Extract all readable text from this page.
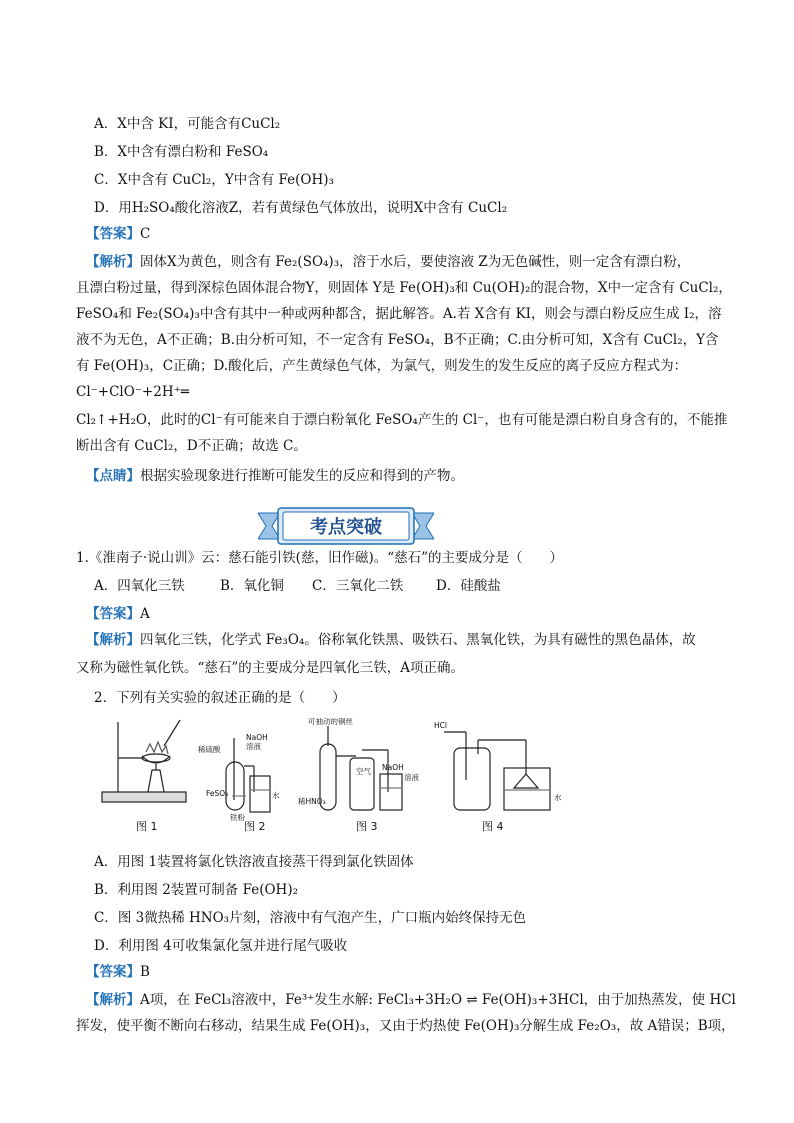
A．X中含 KI，可能含有CuCl₂
B．X中含有漂白粉和 FeSO₄
C．X中含有 CuCl₂，Y中含有 Fe(OH)₃
D．用H₂SO₄酸化溶液Z，若有黄绿色气体放出，说明X中含有 CuCl₂
【答案】C
【解析】固体X为黄色，则含有 Fe₂(SO₄)₃，溶于水后，要使溶液 Z为无色碱性，则一定含有漂白粉，
且漂白粉过量，得到深棕色固体混合物Y，则固体 Y是 Fe(OH)₃和 Cu(OH)₂的混合物，X中一定含有 CuCl₂，
FeSO₄和 Fe₂(SO₄)₃中含有其中一种或两种都含，据此解答。A.若 X含有 KI，则会与漂白粉反应生成 I₂，溶
液不为无色，A不正确；B.由分析可知，不一定含有 FeSO₄，B不正确；C.由分析可知，X含有 CuCl₂，Y含
有 Fe(OH)₃，C正确；D.酸化后，产生黄绿色气体，为氯气，则发生的发生反应的离子反应方程式为：
Cl⁻+ClO⁻+2H⁺═
Cl₂↑+H₂O，此时的Cl⁻有可能来自于漂白粉氧化 FeSO₄产生的 Cl⁻，也有可能是漂白粉自身含有的，不能推
断出含有 CuCl₂，D不正确；故选 C。
【点睛】根据实验现象进行推断可能发生的反应和得到的产物。
考点突破
1.《淮南子·说山训》云：慈石能引铁(慈，旧作磁)。“慈石”的主要成分是（　　）
A．四氧化三铁	B．氧化铜 C．三氧化二铁 D．硅酸盐
【答案】A
【解析】四氧化三铁，化学式 Fe₃O₄。俗称氧化铁黑、吸铁石、黑氧化铁，为具有磁性的黑色晶体，故
又称为磁性氧化铁。“慈石”的主要成分是四氧化三铁，A项正确。
2．下列有关实验的叙述正确的是（　　）
图 1	图 2	图 3	图 4
稀硫酸
NaOH
溶液
FeSO₄	水
铁粉
可抽动的铜丝
稀HNO₃
空气 NaOH
溶液
HCl
水
A．用图 1装置将氯化铁溶液直接蒸干得到氯化铁固体
B．利用图 2装置可制备 Fe(OH)₂
C．图 3微热稀 HNO₃片刻，溶液中有气泡产生，广口瓶内始终保持无色
D．利用图 4可收集氯化氢并进行尾气吸收
【答案】B
【解析】A项，在 FeCl₃溶液中，Fe³⁺发生水解: FeCl₃+3H₂O ⇌ Fe(OH)₃+3HCl，由于加热蒸发，使 HCl
挥发，使平衡不断向右移动，结果生成 Fe(OH)₃，又由于灼热使 Fe(OH)₃分解生成 Fe₂O₃，故 A错误；B项，
